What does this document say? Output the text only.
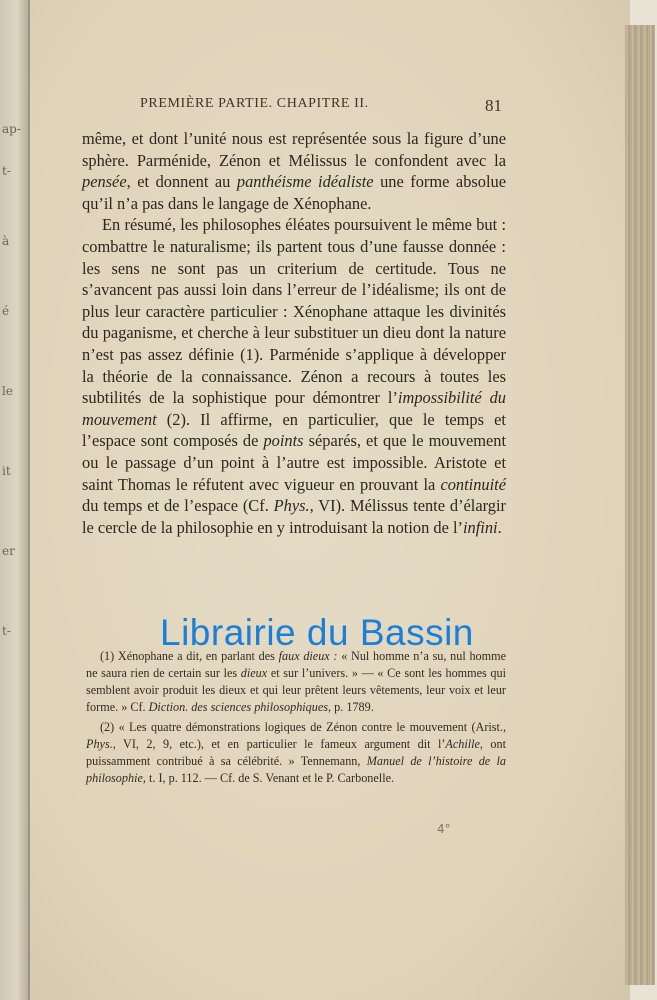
ap-
t-
à
é
le
it
er
t-
PREMIÈRE PARTIE. CHAPITRE II.	81

même, et dont l’unité nous est représentée sous la figure d’une sphère. Parménide, Zénon et Mélissus le confondent avec la pensée, et donnent au panthéisme idéaliste une forme absolue qu’il n’a pas dans le langage de Xénophane.

En résumé, les philosophes éléates poursuivent le même but : combattre le naturalisme; ils partent tous d’une fausse donnée : les sens ne sont pas un criterium de certitude. Tous ne s’avancent pas aussi loin dans l’erreur de l’idéalisme; ils ont de plus leur caractère particulier : Xénophane attaque les divinités du paganisme, et cherche à leur substituer un dieu dont la nature n’est pas assez définie (1). Parménide s’applique à développer la théorie de la connaissance. Zénon a recours à toutes les subtilités de la sophistique pour démontrer l’impossibilité du mouvement (2). Il affirme, en particulier, que le temps et l’espace sont composés de points séparés, et que le mouvement ou le passage d’un point à l’autre est impossible. Aristote et saint Thomas le réfutent avec vigueur en prouvant la continuité du temps et de l’espace (Cf. Phys., VI). Mélissus tente d’élargir le cercle de la philosophie en y introduisant la notion de l’infini.

(1) Xénophane a dit, en parlant des faux dieux : « Nul homme n’a su, nul homme ne saura rien de certain sur les dieux et sur l’univers. » — « Ce sont les hommes qui semblent avoir produit les dieux et qui leur prêtent leurs vêtements, leur voix et leur forme. » Cf. Diction. des sciences philosophiques, p. 1789.

(2) « Les quatre démonstrations logiques de Zénon contre le mouvement (Arist., Phys., VI, 2, 9, etc.), et en particulier le fameux argument dit l’Achille, ont puissamment contribué à sa célébrité. » Tennemann, Manuel de l’histoire de la philosophie, t. I, p. 112. — Cf. de S. Venant et le P. Carbonelle.

Librairie du Bassin
4°
